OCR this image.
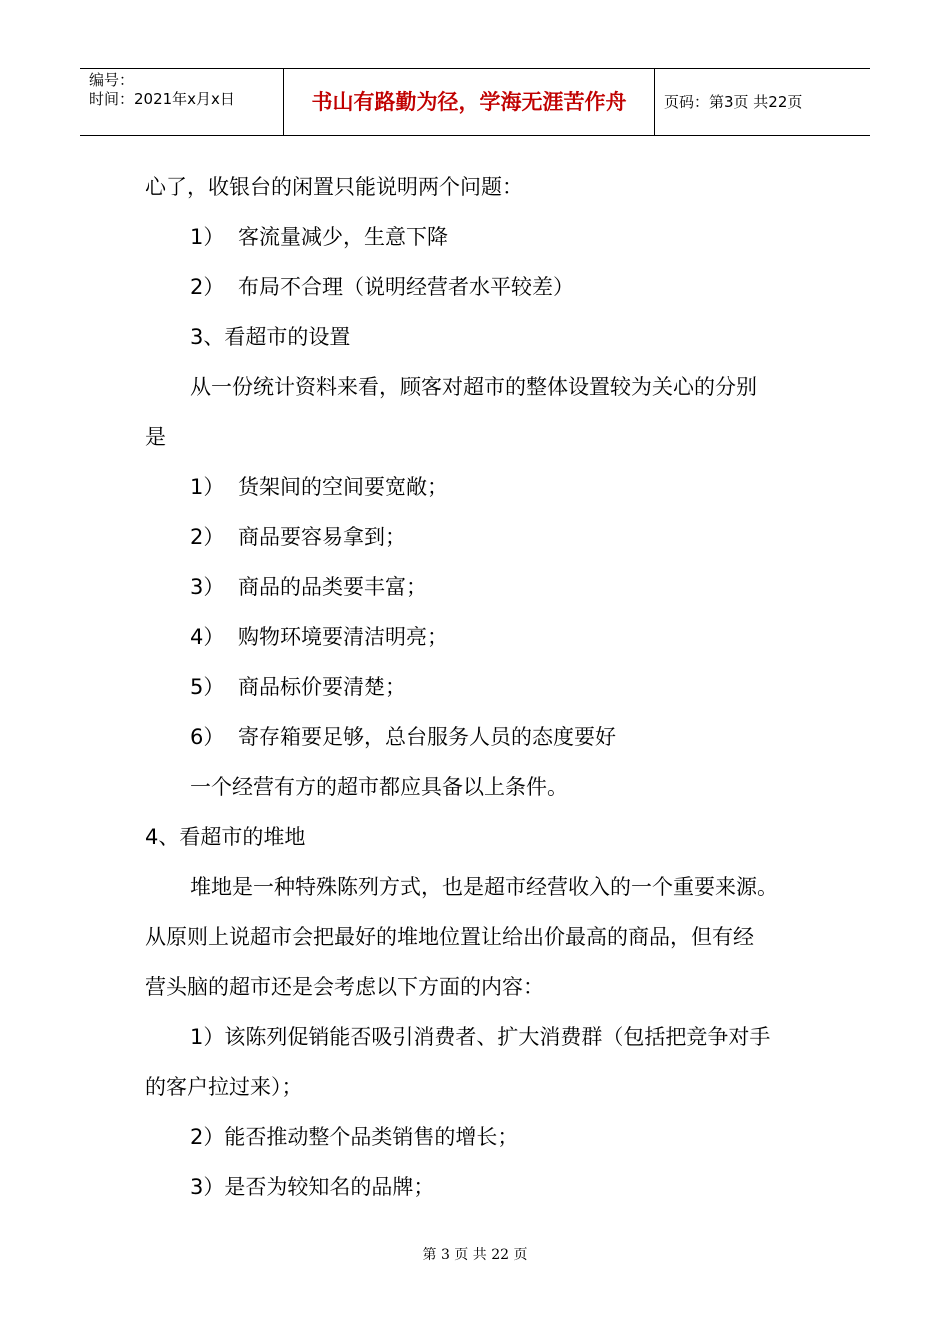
编号：
时间：2021年x月x日	书山有路勤为径，学海无涯苦作舟	页码：第3页 共22页
心了，收银台的闲置只能说明两个问题：
1） 客流量减少，生意下降
2） 布局不合理（说明经营者水平较差）
3、看超市的设置
从一份统计资料来看，顾客对超市的整体设置较为关心的分别
是
1） 货架间的空间要宽敞；
2） 商品要容易拿到；
3） 商品的品类要丰富；
4） 购物环境要清洁明亮；
5） 商品标价要清楚；
6） 寄存箱要足够，总台服务人员的态度要好
一个经营有方的超市都应具备以上条件。
4、看超市的堆地
堆地是一种特殊陈列方式，也是超市经营收入的一个重要来源。
从原则上说超市会把最好的堆地位置让给出价最高的商品，但有经
营头脑的超市还是会考虑以下方面的内容：
1）该陈列促销能否吸引消费者、扩大消费群（包括把竞争对手
的客户拉过来）；
2）能否推动整个品类销售的增长；
3）是否为较知名的品牌；
第 3 页 共 22 页
